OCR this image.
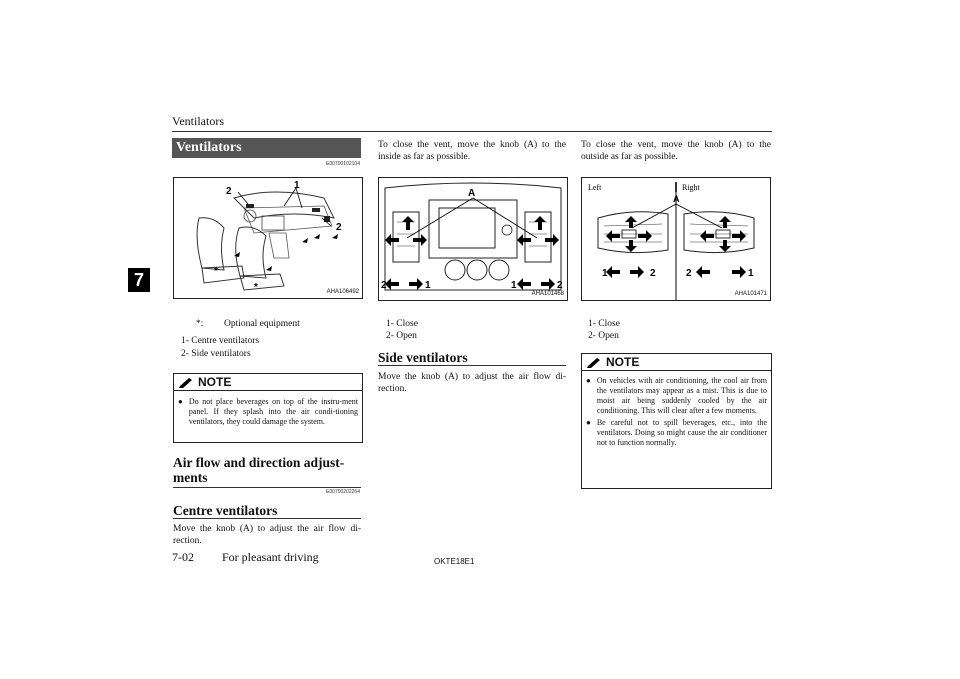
Ventilators
7
Ventilators
E00700102104
2
1
2
*
*	AHA106492
*: Optional equipment
1- Centre ventilators
2- Side ventilators
NOTE
● Do not place beverages on top of the instru-ment panel. If they splash into the air condi-tioning ventilators, they could damage the system.
Air flow and direction adjust-ments
E00700202264
Centre ventilators
Move the knob (A) to adjust the air flow di-rection.
To close the vent, move the knob (A) to the inside as far as possible.
A
2	1	1	2
AHA101468
1- Close
2- Open
Side ventilators
Move the knob (A) to adjust the air flow di-rection.
To close the vent, move the knob (A) to the outside as far as possible.
Left	Right
A
1	2	2	1
AHA101471
1- Close
2- Open
NOTE
● On vehicles with air conditioning, the cool air from the ventilators may appear as a mist. This is due to moist air being suddenly cooled by the air conditioning. This will clear after a few moments.
● Be careful not to spill beverages, etc., into the ventilators. Doing so might cause the air conditioner not to function normally.
7-02 For pleasant driving	OKTE18E1
